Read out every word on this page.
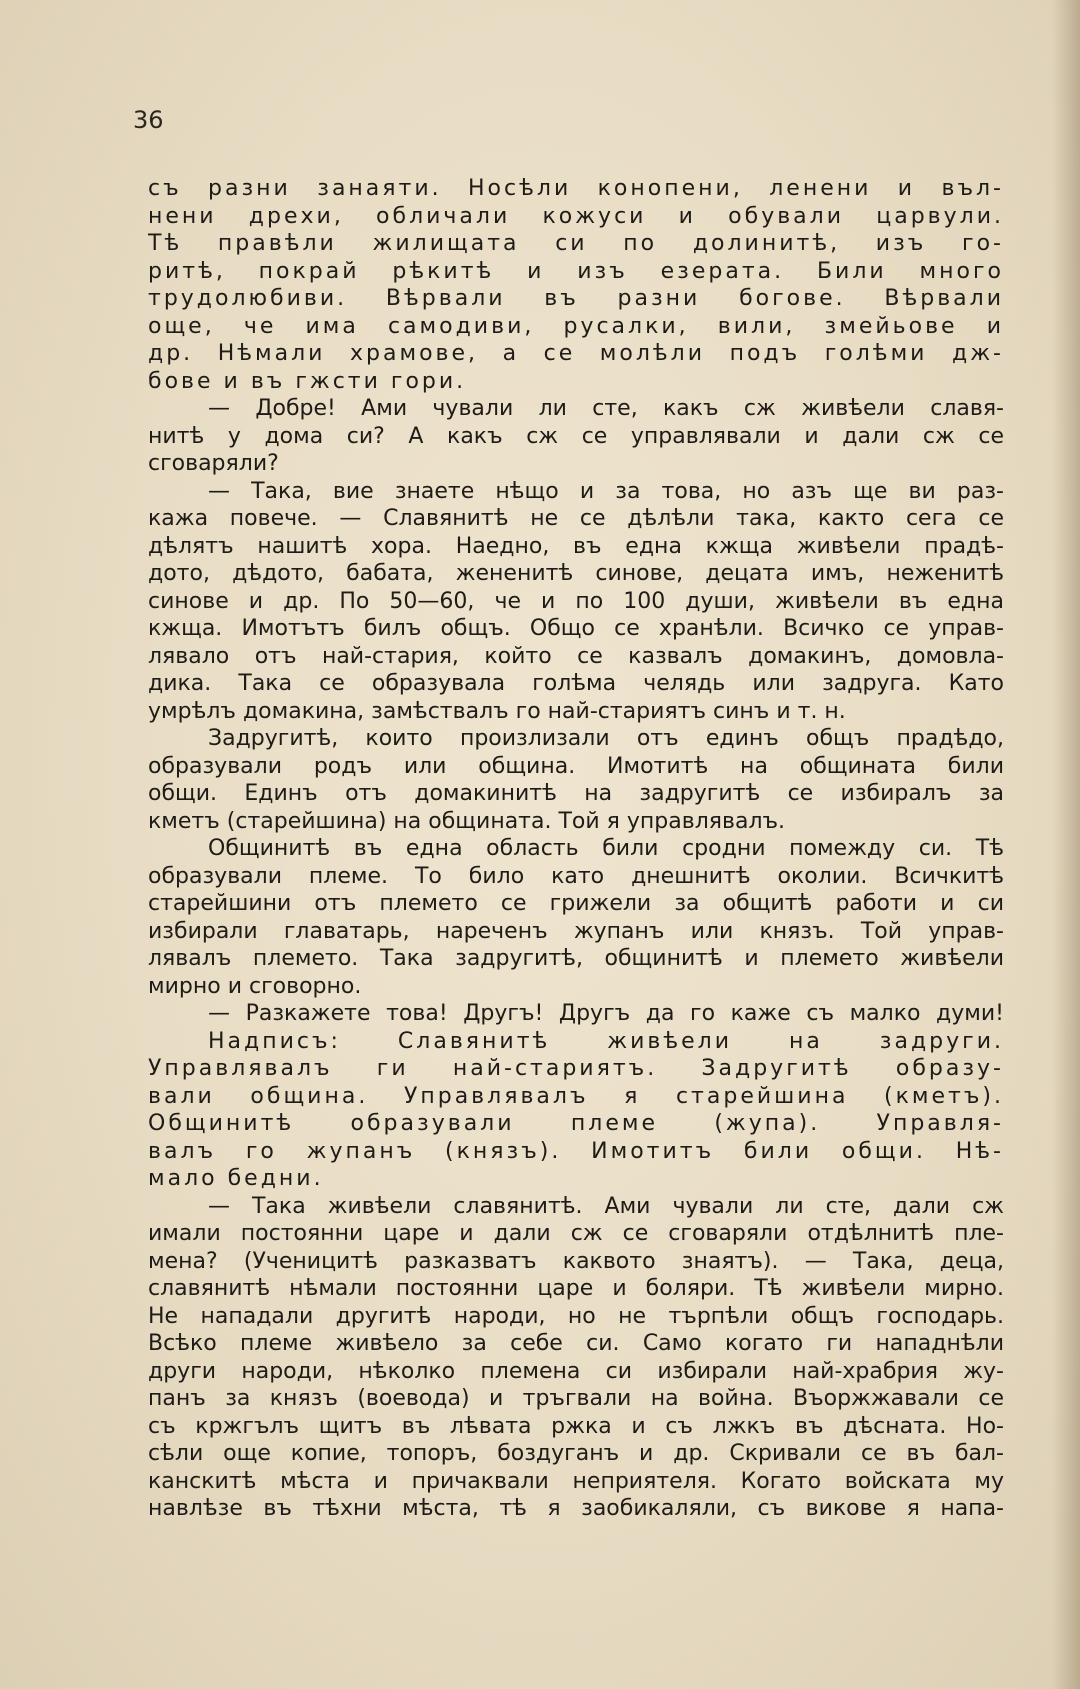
36
съ разни занаяти. Носѣли конопени, ленени и въл-
нени дрехи, обличали кожуси и обували царвули.
Тѣ правѣли жилищата си по долинитѣ, изъ го-
ритѣ, покрай рѣкитѣ и изъ езерата. Били много
трудолюбиви. Вѣрвали въ разни богове. Вѣрвали
още, че има самодиви, русалки, вили, змейьове и
др. Нѣмали храмове, а се молѣли подъ голѣми дж-
бове и въ гжсти гори.
— Добре! Ами чували ли сте, какъ сж живѣели славя-
нитѣ у дома си? А какъ сж се управлявали и дали сж се
сговаряли?
— Така, вие знаете нѣщо и за това, но азъ ще ви раз-
кажа повече. — Славянитѣ не се дѣлѣли така, както сега се
дѣлятъ нашитѣ хора. Наедно, въ една кжща живѣели прадѣ-
дото, дѣдото, бабата, жененитѣ синове, децата имъ, неженитѣ
синове и др. По 50—60, че и по 100 души, живѣели въ една
кжща. Имотътъ билъ общъ. Общо се хранѣли. Всичко се управ-
лявало отъ най-стария, който се казвалъ домакинъ, домовла-
дика. Така се образувала голѣма челядь или задруга. Като
умрѣлъ домакина, замѣствалъ го най-стариятъ синъ и т. н.
Задругитѣ, които произлизали отъ единъ общъ прадѣдо,
образували родъ или община. Имотитѣ на общината били
общи. Единъ отъ домакинитѣ на задругитѣ се избиралъ за
кметъ (старейшина) на общината. Той я управлявалъ.
Общинитѣ въ една область били сродни помежду си. Тѣ
образували племе. То било като днешнитѣ околии. Всичкитѣ
старейшини отъ племето се грижели за общитѣ работи и си
избирали главатарь, нареченъ жупанъ или князъ. Той управ-
лявалъ племето. Така задругитѣ, общинитѣ и племето живѣели
мирно и сговорно.
— Разкажете това! Другъ! Другъ да го каже съ малко думи!
Надписъ: Славянитѣ живѣели на задруги.
Управлявалъ ги най-стариятъ. Задругитѣ образу-
вали община. Управлявалъ я старейшина (кметъ).
Общинитѣ образували племе (жупа). Управля-
валъ го жупанъ (князъ). Имотитъ били общи. Нѣ-
мало бедни.
— Така живѣели славянитѣ. Ами чували ли сте, дали сж
имали постоянни царе и дали сж се сговаряли отдѣлнитѣ пле-
мена? (Ученицитѣ разказватъ каквото знаятъ). — Така, деца,
славянитѣ нѣмали постоянни царе и боляри. Тѣ живѣели мирно.
Не нападали другитѣ народи, но не търпѣли общъ господарь.
Всѣко племе живѣело за себе си. Само когато ги нападнѣли
други народи, нѣколко племена си избирали най-храбрия жу-
панъ за князъ (воевода) и тръгвали на война. Въоржжавали се
съ кржгълъ щитъ въ лѣвата ржка и съ лжкъ въ дѣсната. Но-
сѣли още копие, топоръ, боздуганъ и др. Скривали се въ бал-
канскитѣ мѣста и причаквали неприятеля. Когато войската му
навлѣзе въ тѣхни мѣста, тѣ я заобикаляли, съ викове я напа-
